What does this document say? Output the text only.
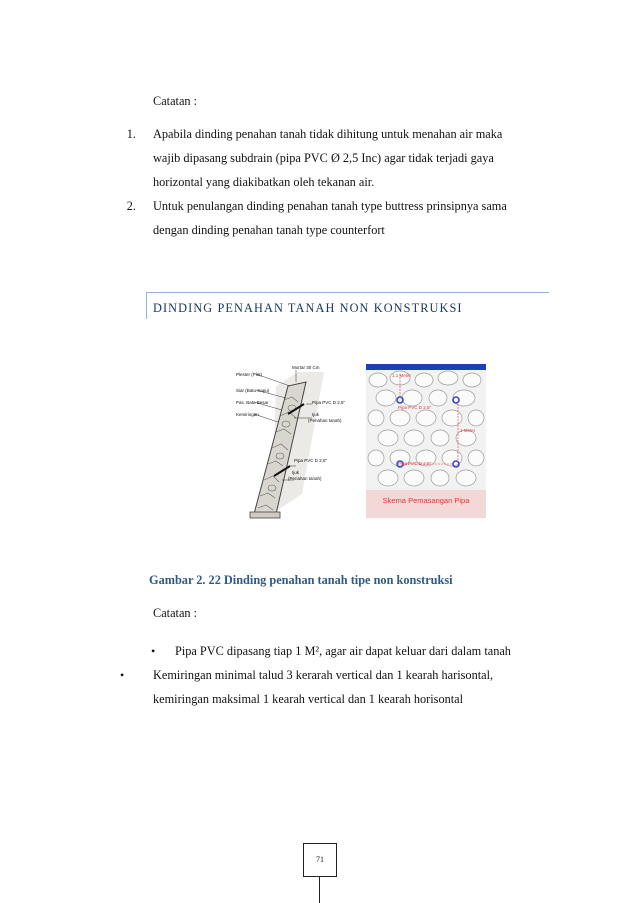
Catatan :
1. Apabila dinding penahan tanah tidak dihitung untuk menahan air maka
wajib dipasang subdrain (pipa PVC Ø 2,5 Inc) agar tidak terjadi gaya
horizontal yang diakibatkan oleh tekanan air.
2. Untuk penulangan dinding penahan tanah type buttress prinsipnya sama
dengan dinding penahan tanah type counterfort
DINDING PENAHAN TANAH NON KONSTRUKSI
Mortar 30 Cm
Plester (Plat)
Siar (Batu Sapu)
Pas. Batu Besar
Kemiringan
Pipa PVC D 2,5"
Ijuk
(Penahan tanah)
Pipa PVC D 2,5"
Ijuk
(Penahan tanah)
1.1 Meter
Pipa PVC D 2.5"
1 Meter
Pipa PVC D 2.5"
Skema Pemasangan Pipa
Gambar 2. 22 Dinding penahan tanah tipe non konstruksi
Catatan :
• Pipa PVC dipasang tiap 1 M², agar air dapat keluar dari dalam tanah
• Kemiringan minimal talud 3 kerarah vertical dan 1 kearah harisontal,
kemiringan maksimal 1 kearah vertical dan 1 kearah horisontal
71
